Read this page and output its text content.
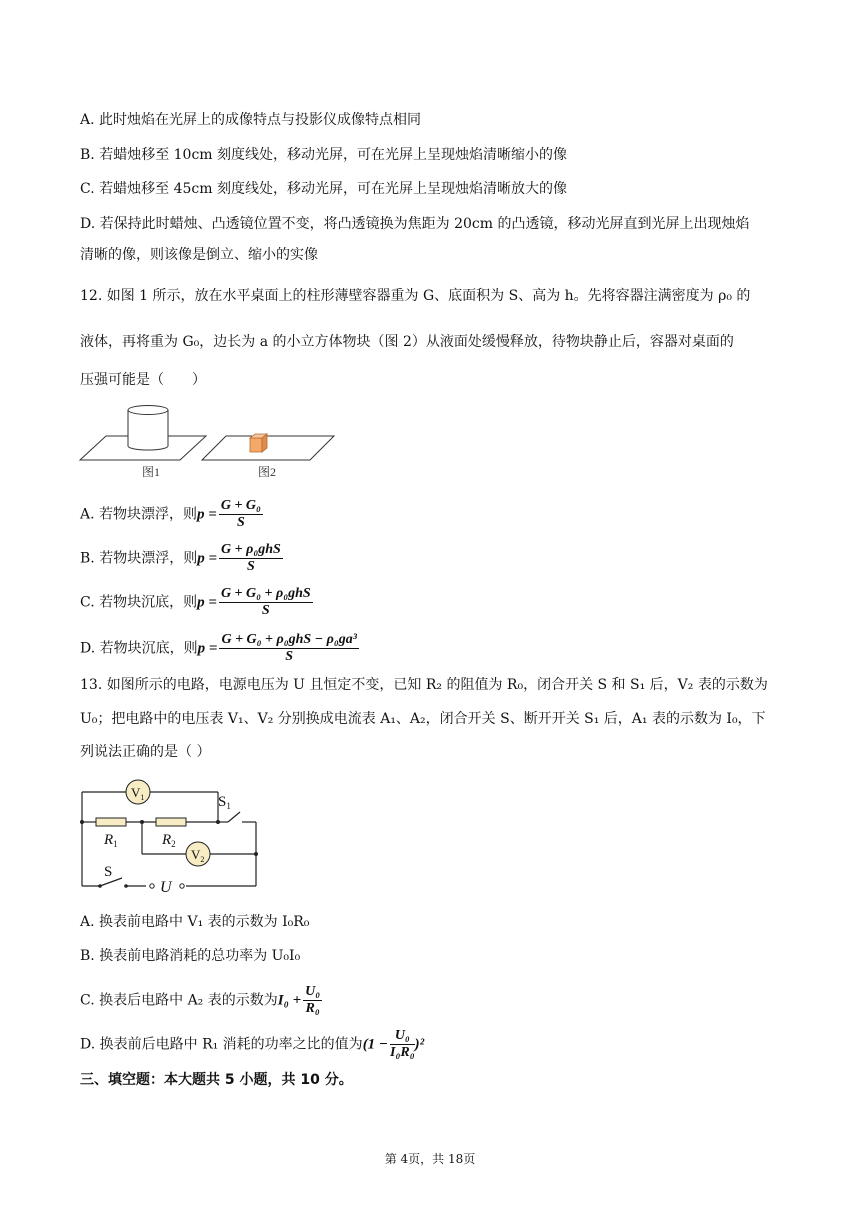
A. 此时烛焰在光屏上的成像特点与投影仪成像特点相同
B. 若蜡烛移至 10cm 刻度线处，移动光屏，可在光屏上呈现烛焰清晰缩小的像
C. 若蜡烛移至 45cm 刻度线处，移动光屏，可在光屏上呈现烛焰清晰放大的像
D. 若保持此时蜡烛、凸透镜位置不变，将凸透镜换为焦距为 20cm 的凸透镜，移动光屏直到光屏上出现烛焰
清晰的像，则该像是倒立、缩小的实像
12. 如图 1 所示，放在水平桌面上的柱形薄壁容器重为 G、底面积为 S、高为 h。先将容器注满密度为 ρ₀ 的
液体，再将重为 G₀，边长为 a 的小立方体物块（图 2）从液面处缓慢释放，待物块静止后，容器对桌面的
压强可能是（　　）
图1	图2
A. 若物块漂浮，则$p = \frac{\text{G + G₀}}{S}$
B. 若物块漂浮，则$p = \frac{\text{G + ρ₀ghS}}{S}$
C. 若物块沉底，则$p = \frac{\text{G + G₀ + ρ₀ghS}}{S}$
D. 若物块沉底，则$p = \frac{\text{G + G₀ + ρ₀ghS − ρ₀ga³}}{S}$
13. 如图所示的电路，电源电压为 U 且恒定不变，已知 R₂ 的阻值为 R₀，闭合开关 S 和 S₁ 后，V₂ 表的示数为
U₀；把电路中的电压表 V₁、V₂ 分别换成电流表 A₁、A₂，闭合开关 S、断开开关 S₁ 后，A₁ 表的示数为 I₀，下
列说法正确的是（ ）
$V_1$
$V_2$
$R_1$	$R_2$
$S_1$
S
U
A. 换表前电路中 V₁ 表的示数为 I₀R₀
B. 换表前电路消耗的总功率为 U₀I₀
C. 换表后电路中 A₂ 表的示数为$I_0 + \frac{\text{U₀}}{\text{R₀}}$
D. 换表前后电路中 R₁ 消耗的功率之比的值为$(1 - \frac{\text{U₀}}{\text{I₀R₀}} )^2$
三、填空题：本大题共 5 小题，共 10 分。
第 4页，共 18页
